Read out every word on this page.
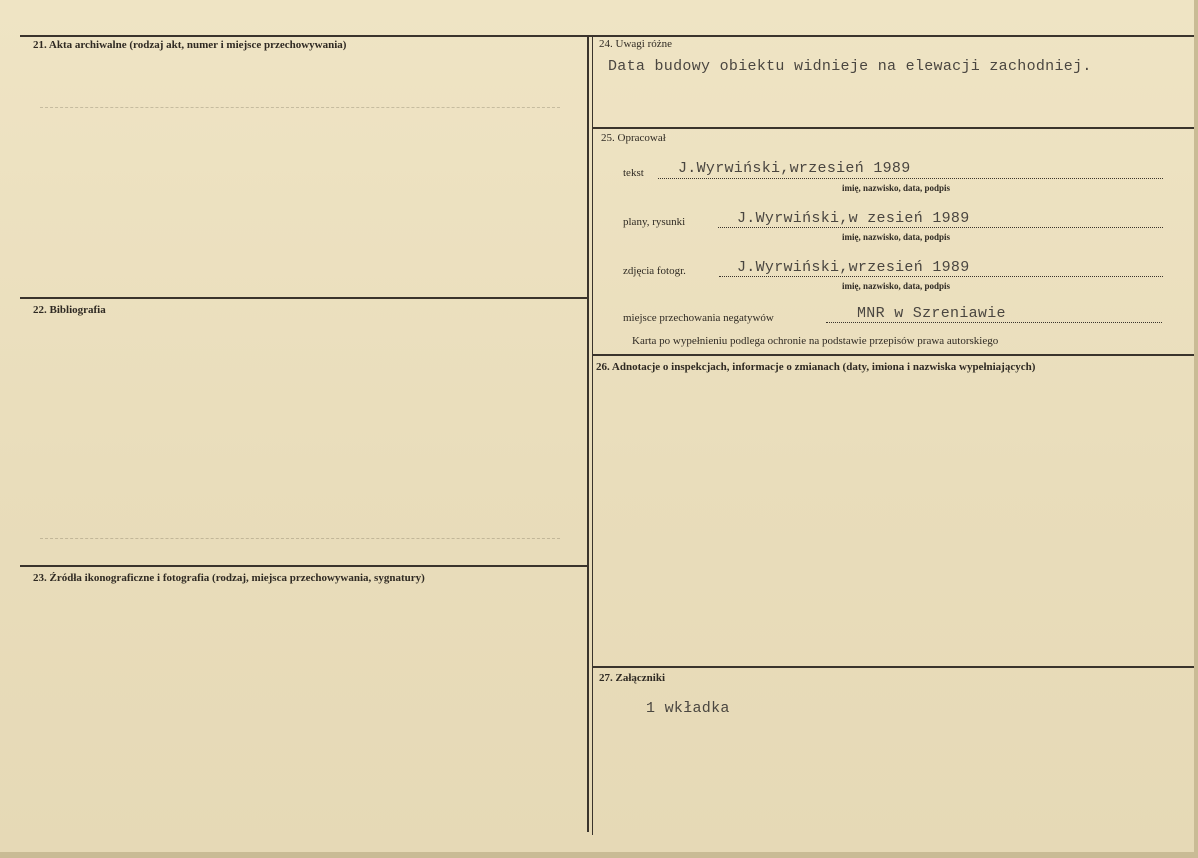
21. Akta archiwalne (rodzaj akt, numer i miejsce przechowywania)
22. Bibliografia
23. Źródła ikonograficzne i fotografia (rodzaj, miejsca przechowywania, sygnatury)
24. Uwagi różne
Data budowy obiektu widnieje na elewacji zachodniej.
25. Opracował
tekst J.Wyrwiński,wrzesień 1989
imię, nazwisko, data, podpis
plany, rysunki	J.Wyrwiński,w zesień 1989
imię, nazwisko, data, podpis
zdjęcia fotogr.	J.Wyrwiński,wrzesień 1989
imię, nazwisko, data, podpis
miejsce przechowania negatywów	MNR w Szreniawie
Karta po wypełnieniu podlega ochronie na podstawie przepisów prawa autorskiego
26. Adnotacje o inspekcjach, informacje o zmianach (daty, imiona i nazwiska wypełniających)
27. Załączniki
1 wkładka
